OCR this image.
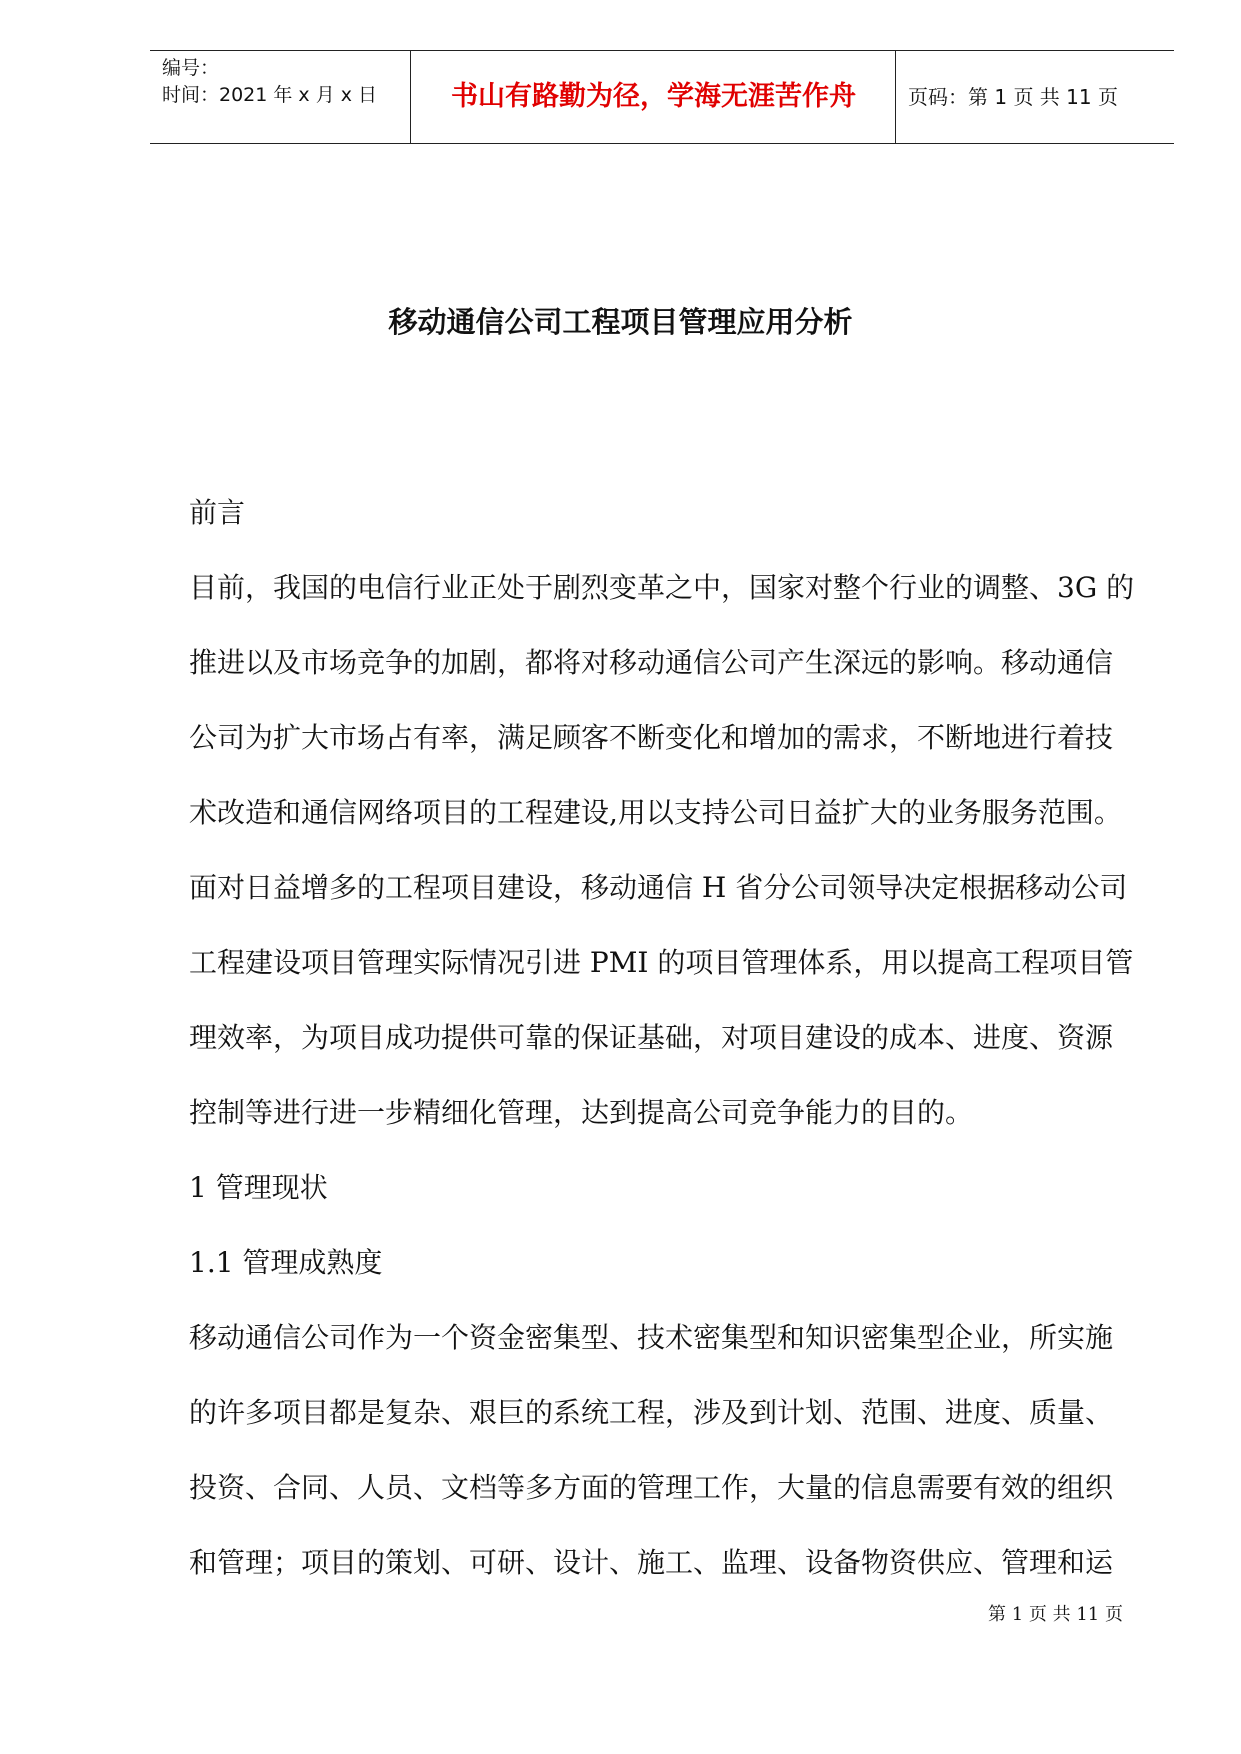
编号：
时间：2021 年 x 月 x 日	书山有路勤为径，学海无涯苦作舟	页码：第 1 页 共 11 页
移动通信公司工程项目管理应用分析
前言
目前，我国的电信行业正处于剧烈变革之中，国家对整个行业的调整、3G 的
推进以及市场竞争的加剧，都将对移动通信公司产生深远的影响。移动通信
公司为扩大市场占有率，满足顾客不断变化和增加的需求，不断地进行着技
术改造和通信网络项目的工程建设,用以支持公司日益扩大的业务服务范围。
面对日益增多的工程项目建设，移动通信 H 省分公司领导决定根据移动公司
工程建设项目管理实际情况引进 PMI 的项目管理体系，用以提高工程项目管
理效率，为项目成功提供可靠的保证基础，对项目建设的成本、进度、资源
控制等进行进一步精细化管理，达到提高公司竞争能力的目的。
1 管理现状
1.1 管理成熟度
移动通信公司作为一个资金密集型、技术密集型和知识密集型企业，所实施
的许多项目都是复杂、艰巨的系统工程，涉及到计划、范围、进度、质量、
投资、合同、人员、文档等多方面的管理工作，大量的信息需要有效的组织
和管理；项目的策划、可研、设计、施工、监理、设备物资供应、管理和运
第 1 页 共 11 页
